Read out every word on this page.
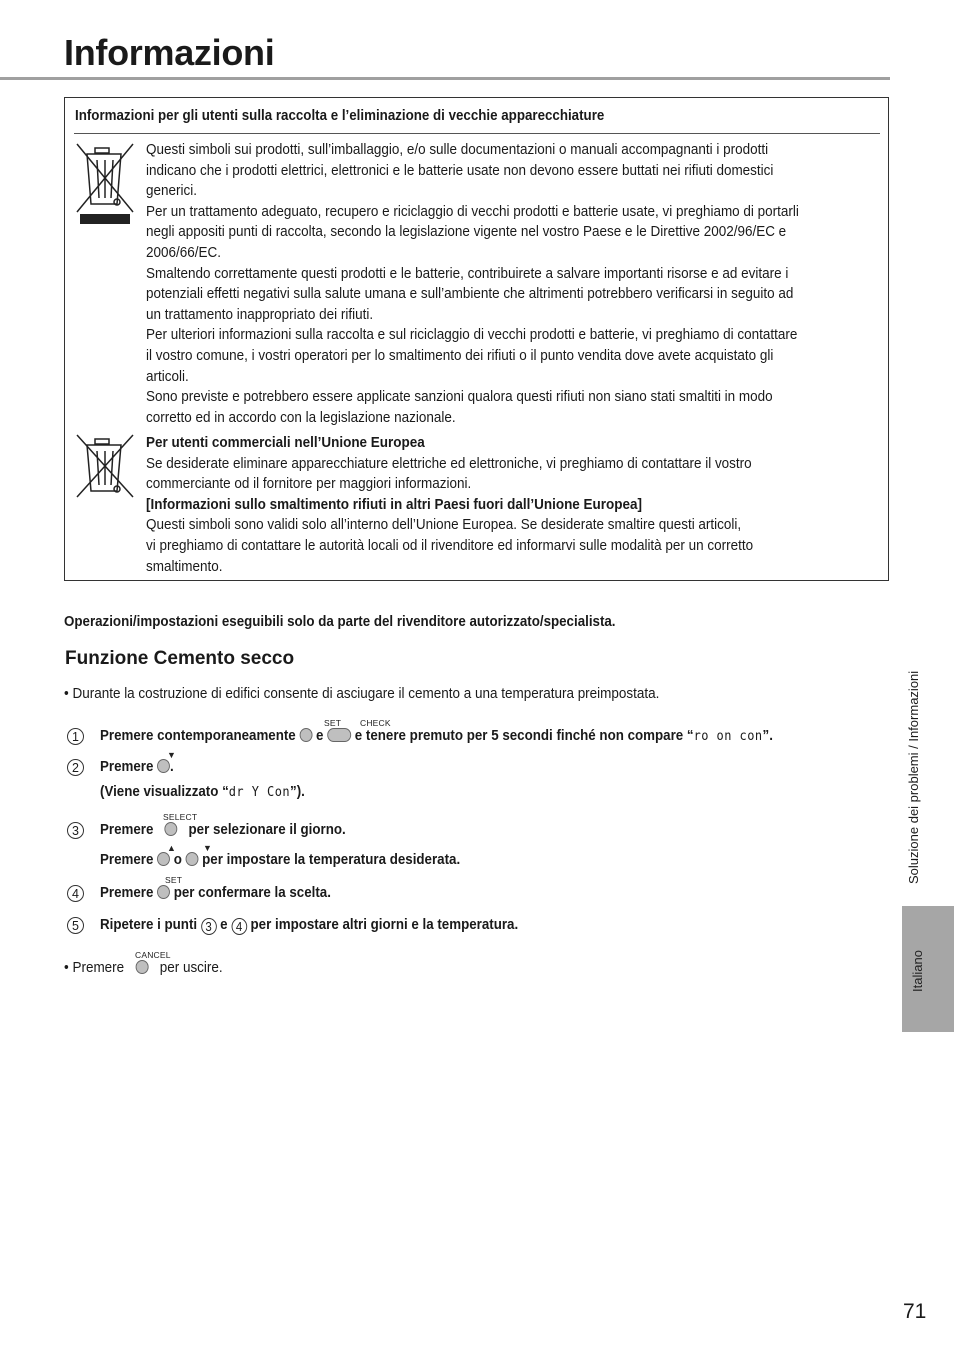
Informazioni
Informazioni per gli utenti sulla raccolta e l’eliminazione di vecchie apparecchiature
Questi simboli sui prodotti, sull’imballaggio, e/o sulle documentazioni o manuali accompagnanti i prodotti
indicano che i prodotti elettrici, elettronici e le batterie usate non devono essere buttati nei rifiuti domestici
generici.
Per un trattamento adeguato, recupero e riciclaggio di vecchi prodotti e batterie usate, vi preghiamo di portarli
negli appositi punti di raccolta, secondo la legislazione vigente nel vostro Paese e le Direttive 2002/96/EC e
2006/66/EC.
Smaltendo correttamente questi prodotti e le batterie, contribuirete a salvare importanti risorse e ad evitare i
potenziali effetti negativi sulla salute umana e sull’ambiente che altrimenti potrebbero verificarsi in seguito ad
un trattamento inappropriato dei rifiuti.
Per ulteriori informazioni sulla raccolta e sul riciclaggio di vecchi prodotti e batterie, vi preghiamo di contattare
il vostro comune, i vostri operatori per lo smaltimento dei rifiuti o il punto vendita dove avete acquistato gli
articoli.
Sono previste e potrebbero essere applicate sanzioni qualora questi rifiuti non siano stati smaltiti in modo
corretto ed in accordo con la legislazione nazionale.
Per utenti commerciali nell’Unione Europea
Se desiderate eliminare apparecchiature elettriche ed elettroniche, vi preghiamo di contattare il vostro
commerciante od il fornitore per maggiori informazioni.
[Informazioni sullo smaltimento rifiuti in altri Paesi fuori dall’Unione Europea]
Questi simboli sono validi solo all’interno dell’Unione Europea. Se desiderate smaltire questi articoli,
vi preghiamo di contattare le autorità locali od il rivenditore ed informarvi sulle modalità per un corretto
smaltimento.
Operazioni/impostazioni eseguibili solo da parte del rivenditore autorizzato/specialista.
Funzione Cemento secco
• Durante la costruzione di edifici consente di asciugare il cemento a una temperatura preimpostata.
1
SET CHECK
Premere contemporaneamente e e tenere premuto per 5 secondi finché non compare “ro on con”.
2
▼
Premere .
(Viene visualizzato “dr Y Con”).
3
SELECT
Premere per selezionare il giorno.
▲	▼
Premere o per impostare la temperatura desiderata.
4
SET
Premere per confermare la scelta.
5	Ripetere i punti 3 e 4 per impostare altri giorni e la temperatura.
CANCEL
• Premere per uscire.
Soluzione dei problemi / Informazioni
Italiano
71
